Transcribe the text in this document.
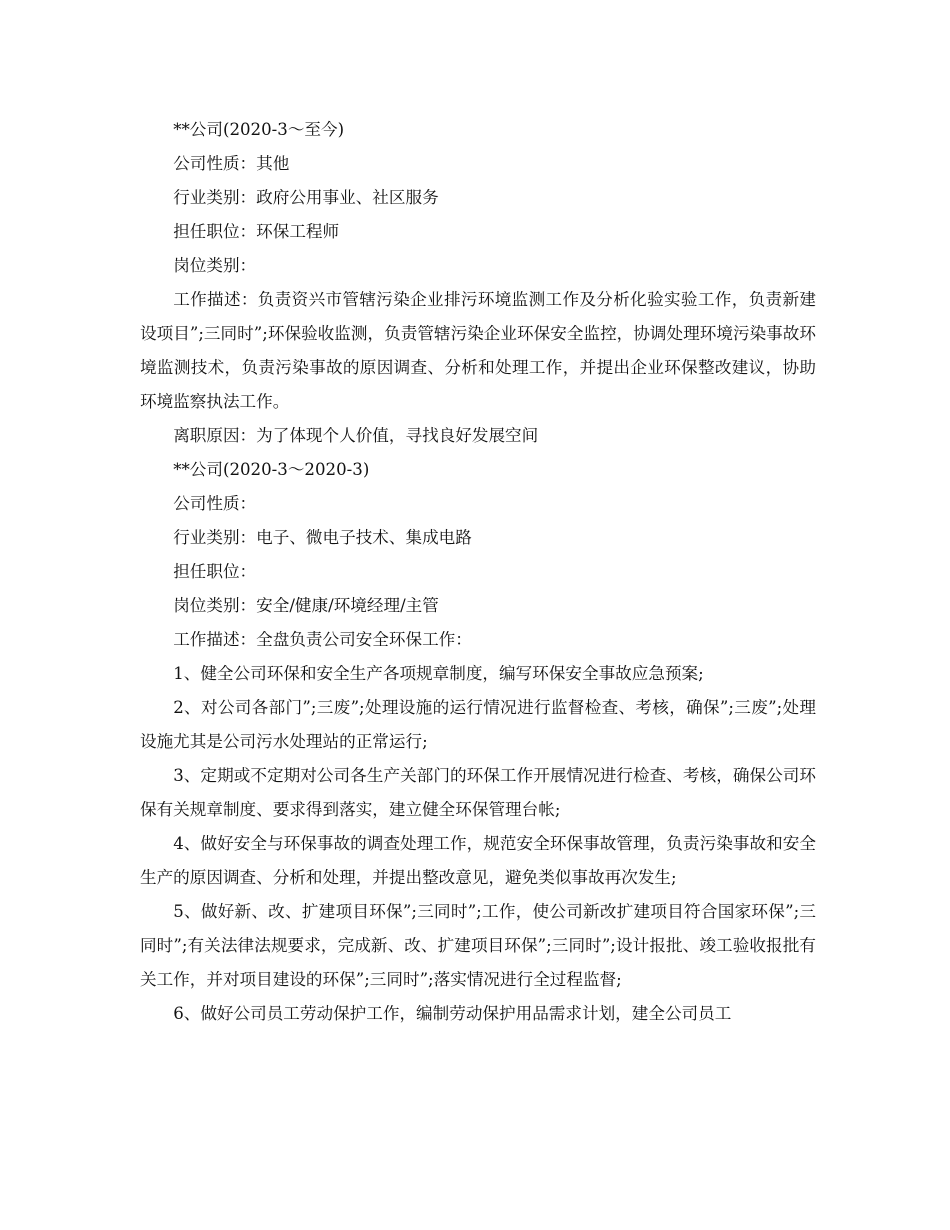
**公司(2020-3～至今)

公司性质：其他

行业类别：政府公用事业、社区服务

担任职位：环保工程师

岗位类别：

工作描述：负责资兴市管辖污染企业排污环境监测工作及分析化验实验工作，负责新建设项目”;三同时”;环保验收监测，负责管辖污染企业环保安全监控，协调处理环境污染事故环境监测技术，负责污染事故的原因调查、分析和处理工作，并提出企业环保整改建议，协助环境监察执法工作。

离职原因：为了体现个人价值，寻找良好发展空间

**公司(2020-3～2020-3)

公司性质：

行业类别：电子、微电子技术、集成电路

担任职位：

岗位类别：安全/健康/环境经理/主管

工作描述：全盘负责公司安全环保工作：

1、健全公司环保和安全生产各项规章制度，编写环保安全事故应急预案;

2、对公司各部门”;三废”;处理设施的运行情况进行监督检查、考核，确保”;三废”;处理设施尤其是公司污水处理站的正常运行;

3、定期或不定期对公司各生产关部门的环保工作开展情况进行检查、考核，确保公司环保有关规章制度、要求得到落实，建立健全环保管理台帐;

4、做好安全与环保事故的调查处理工作，规范安全环保事故管理，负责污染事故和安全生产的原因调查、分析和处理，并提出整改意见，避免类似事故再次发生;

5、做好新、改、扩建项目环保”;三同时”;工作，使公司新改扩建项目符合国家环保”;三同时”;有关法律法规要求，完成新、改、扩建项目环保”;三同时”;设计报批、竣工验收报批有关工作，并对项目建设的环保”;三同时”;落实情况进行全过程监督;

6、做好公司员工劳动保护工作，编制劳动保护用品需求计划，建全公司员工
